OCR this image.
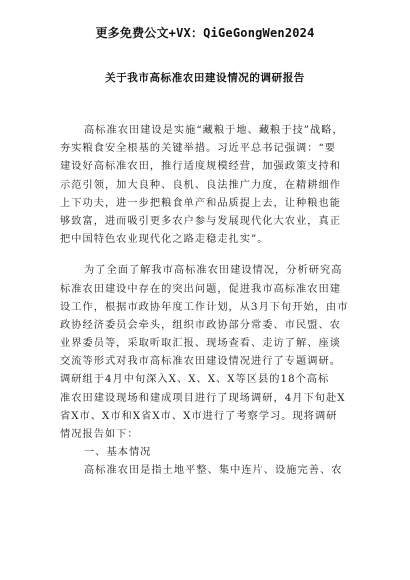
更多免费公文+VX：QiGeGongWen2024
关于我市高标准农田建设情况的调研报告
高标准农田建设是实施“藏粮于地、藏粮于技”战略，
夯实粮食安全根基的关键举措。习近平总书记强调：“要
建设好高标准农田，推行适度规模经营，加强政策支持和
示范引领，加大良种、良机、良法推广力度，在精耕细作
上下功夫，进一步把粮食单产和品质提上去，让种粮也能
够致富，进而吸引更多农户参与发展现代化大农业，真正
把中国特色农业现代化之路走稳走扎实”。
为了全面了解我市高标准农田建设情况，分析研究高
标准农田建设中存在的突出问题，促进我市高标准农田建
设工作，根据市政协年度工作计划，从3月下旬开始，由市
政协经济委员会牵头，组织市政协部分常委、市民盟、农
业界委员等，采取听取汇报、现场查看、走访了解、座谈
交流等形式对我市高标准农田建设情况进行了专题调研。
调研组于4月中旬深入X、X、X、X等区县的18个高标
准农田建设现场和建成项目进行了现场调研，4月下旬赴X
省X市、X市和X省X市、X市进行了考察学习。现将调研
情况报告如下：
一、基本情况
高标准农田是指土地平整、集中连片、设施完善、农
